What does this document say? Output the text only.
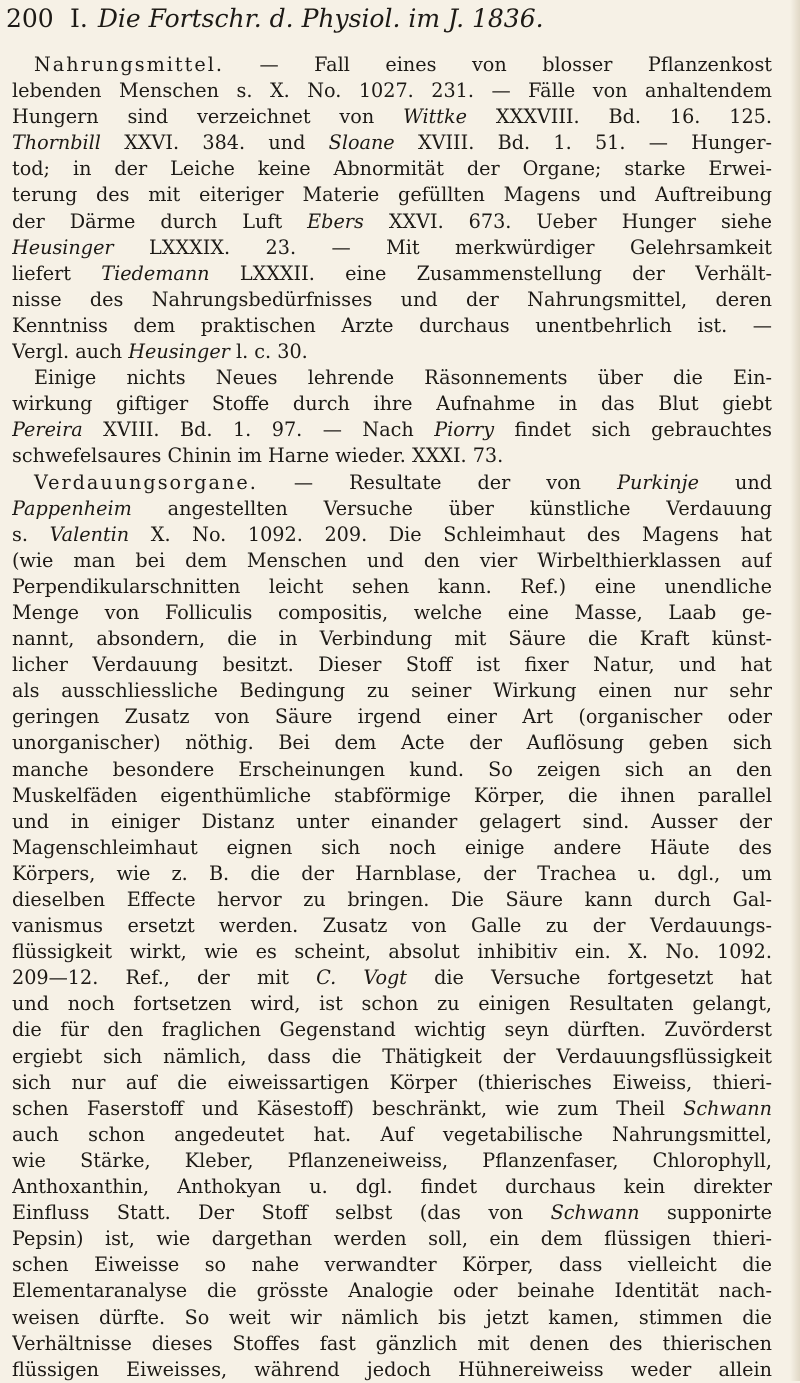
200 I. Die Fortschr. d. Physiol. im J. 1836.
Nahrungsmittel. — Fall eines von blosser Pflanzenkost
lebenden Menschen s. X. No. 1027. 231. — Fälle von anhaltendem
Hungern sind verzeichnet von Wittke XXXVIII. Bd. 16. 125.
Thornbill XXVI. 384. und Sloane XVIII. Bd. 1. 51. — Hunger-
tod; in der Leiche keine Abnormität der Organe; starke Erwei-
terung des mit eiteriger Materie gefüllten Magens und Auftreibung
der Därme durch Luft Ebers XXVI. 673. Ueber Hunger siehe
Heusinger LXXXIX. 23. — Mit merkwürdiger Gelehrsamkeit
liefert Tiedemann LXXXII. eine Zusammenstellung der Verhält-
nisse des Nahrungsbedürfnisses und der Nahrungsmittel, deren
Kenntniss dem praktischen Arzte durchaus unentbehrlich ist. —
Vergl. auch Heusinger l. c. 30.
Einige nichts Neues lehrende Räsonnements über die Ein-
wirkung giftiger Stoffe durch ihre Aufnahme in das Blut giebt
Pereira XVIII. Bd. 1. 97. — Nach Piorry findet sich gebrauchtes
schwefelsaures Chinin im Harne wieder. XXXI. 73.
Verdauungsorgane. — Resultate der von Purkinje und
Pappenheim angestellten Versuche über künstliche Verdauung
s. Valentin X. No. 1092. 209. Die Schleimhaut des Magens hat
(wie man bei dem Menschen und den vier Wirbelthierklassen auf
Perpendikularschnitten leicht sehen kann. Ref.) eine unendliche
Menge von Folliculis compositis, welche eine Masse, Laab ge-
nannt, absondern, die in Verbindung mit Säure die Kraft künst-
licher Verdauung besitzt. Dieser Stoff ist fixer Natur, und hat
als ausschliessliche Bedingung zu seiner Wirkung einen nur sehr
geringen Zusatz von Säure irgend einer Art (organischer oder
unorganischer) nöthig. Bei dem Acte der Auflösung geben sich
manche besondere Erscheinungen kund. So zeigen sich an den
Muskelfäden eigenthümliche stabförmige Körper, die ihnen parallel
und in einiger Distanz unter einander gelagert sind. Ausser der
Magenschleimhaut eignen sich noch einige andere Häute des
Körpers, wie z. B. die der Harnblase, der Trachea u. dgl., um
dieselben Effecte hervor zu bringen. Die Säure kann durch Gal-
vanismus ersetzt werden. Zusatz von Galle zu der Verdauungs-
flüssigkeit wirkt, wie es scheint, absolut inhibitiv ein. X. No. 1092.
209—12. Ref., der mit C. Vogt die Versuche fortgesetzt hat
und noch fortsetzen wird, ist schon zu einigen Resultaten gelangt,
die für den fraglichen Gegenstand wichtig seyn dürften. Zuvörderst
ergiebt sich nämlich, dass die Thätigkeit der Verdauungsflüssigkeit
sich nur auf die eiweissartigen Körper (thierisches Eiweiss, thieri-
schen Faserstoff und Käsestoff) beschränkt, wie zum Theil Schwann
auch schon angedeutet hat. Auf vegetabilische Nahrungsmittel,
wie Stärke, Kleber, Pflanzeneiweiss, Pflanzenfaser, Chlorophyll,
Anthoxanthin, Anthokyan u. dgl. findet durchaus kein direkter
Einfluss Statt. Der Stoff selbst (das von Schwann supponirte
Pepsin) ist, wie dargethan werden soll, ein dem flüssigen thieri-
schen Eiweisse so nahe verwandter Körper, dass vielleicht die
Elementaranalyse die grösste Analogie oder beinahe Identität nach-
weisen dürfte. So weit wir nämlich bis jetzt kamen, stimmen die
Verhältnisse dieses Stoffes fast gänzlich mit denen des thierischen
flüssigen Eiweisses, während jedoch Hühnereiweiss weder allein
